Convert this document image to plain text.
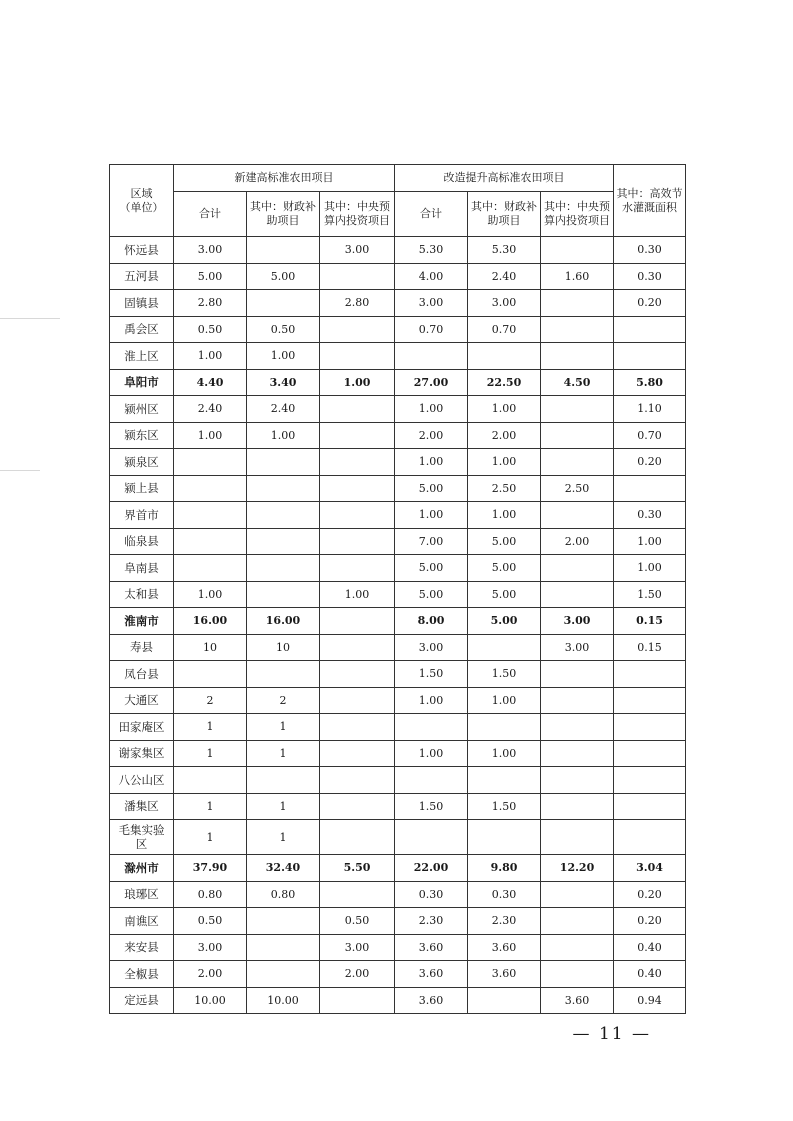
区域
（单位）	新建高标准农田项目			改造提升高标准农田项目			其中：高效节水灌溉面积
	合计	其中：财政补助项目	其中：中央预算内投资项目	合计	其中：财政补助项目	其中：中央预算内投资项目	
怀远县	3.00		3.00	5.30	5.30		0.30
五河县	5.00	5.00		4.00	2.40	1.60	0.30
固镇县	2.80		2.80	3.00	3.00		0.20
禹会区	0.50	0.50		0.70	0.70		
淮上区	1.00	1.00					
阜阳市	4.40	3.40	1.00	27.00	22.50	4.50	5.80
颍州区	2.40	2.40		1.00	1.00		1.10
颍东区	1.00	1.00		2.00	2.00		0.70
颍泉区				1.00	1.00		0.20
颍上县				5.00	2.50	2.50	
界首市				1.00	1.00		0.30
临泉县				7.00	5.00	2.00	1.00
阜南县				5.00	5.00		1.00
太和县	1.00		1.00	5.00	5.00		1.50
淮南市	16.00	16.00		8.00	5.00	3.00	0.15
寿县	10	10		3.00		3.00	0.15
凤台县				1.50	1.50		
大通区	2	2		1.00	1.00		
田家庵区	1	1					
谢家集区	1	1		1.00	1.00		
八公山区							
潘集区	1	1		1.50	1.50		
毛集实验区	1	1					
滁州市	37.90	32.40	5.50	22.00	9.80	12.20	3.04
琅琊区	0.80	0.80		0.30	0.30		0.20
南谯区	0.50		0.50	2.30	2.30		0.20
来安县	3.00		3.00	3.60	3.60		0.40
全椒县	2.00		2.00	3.60	3.60		0.40
定远县	10.00	10.00		3.60		3.60	0.94
— 11 —
